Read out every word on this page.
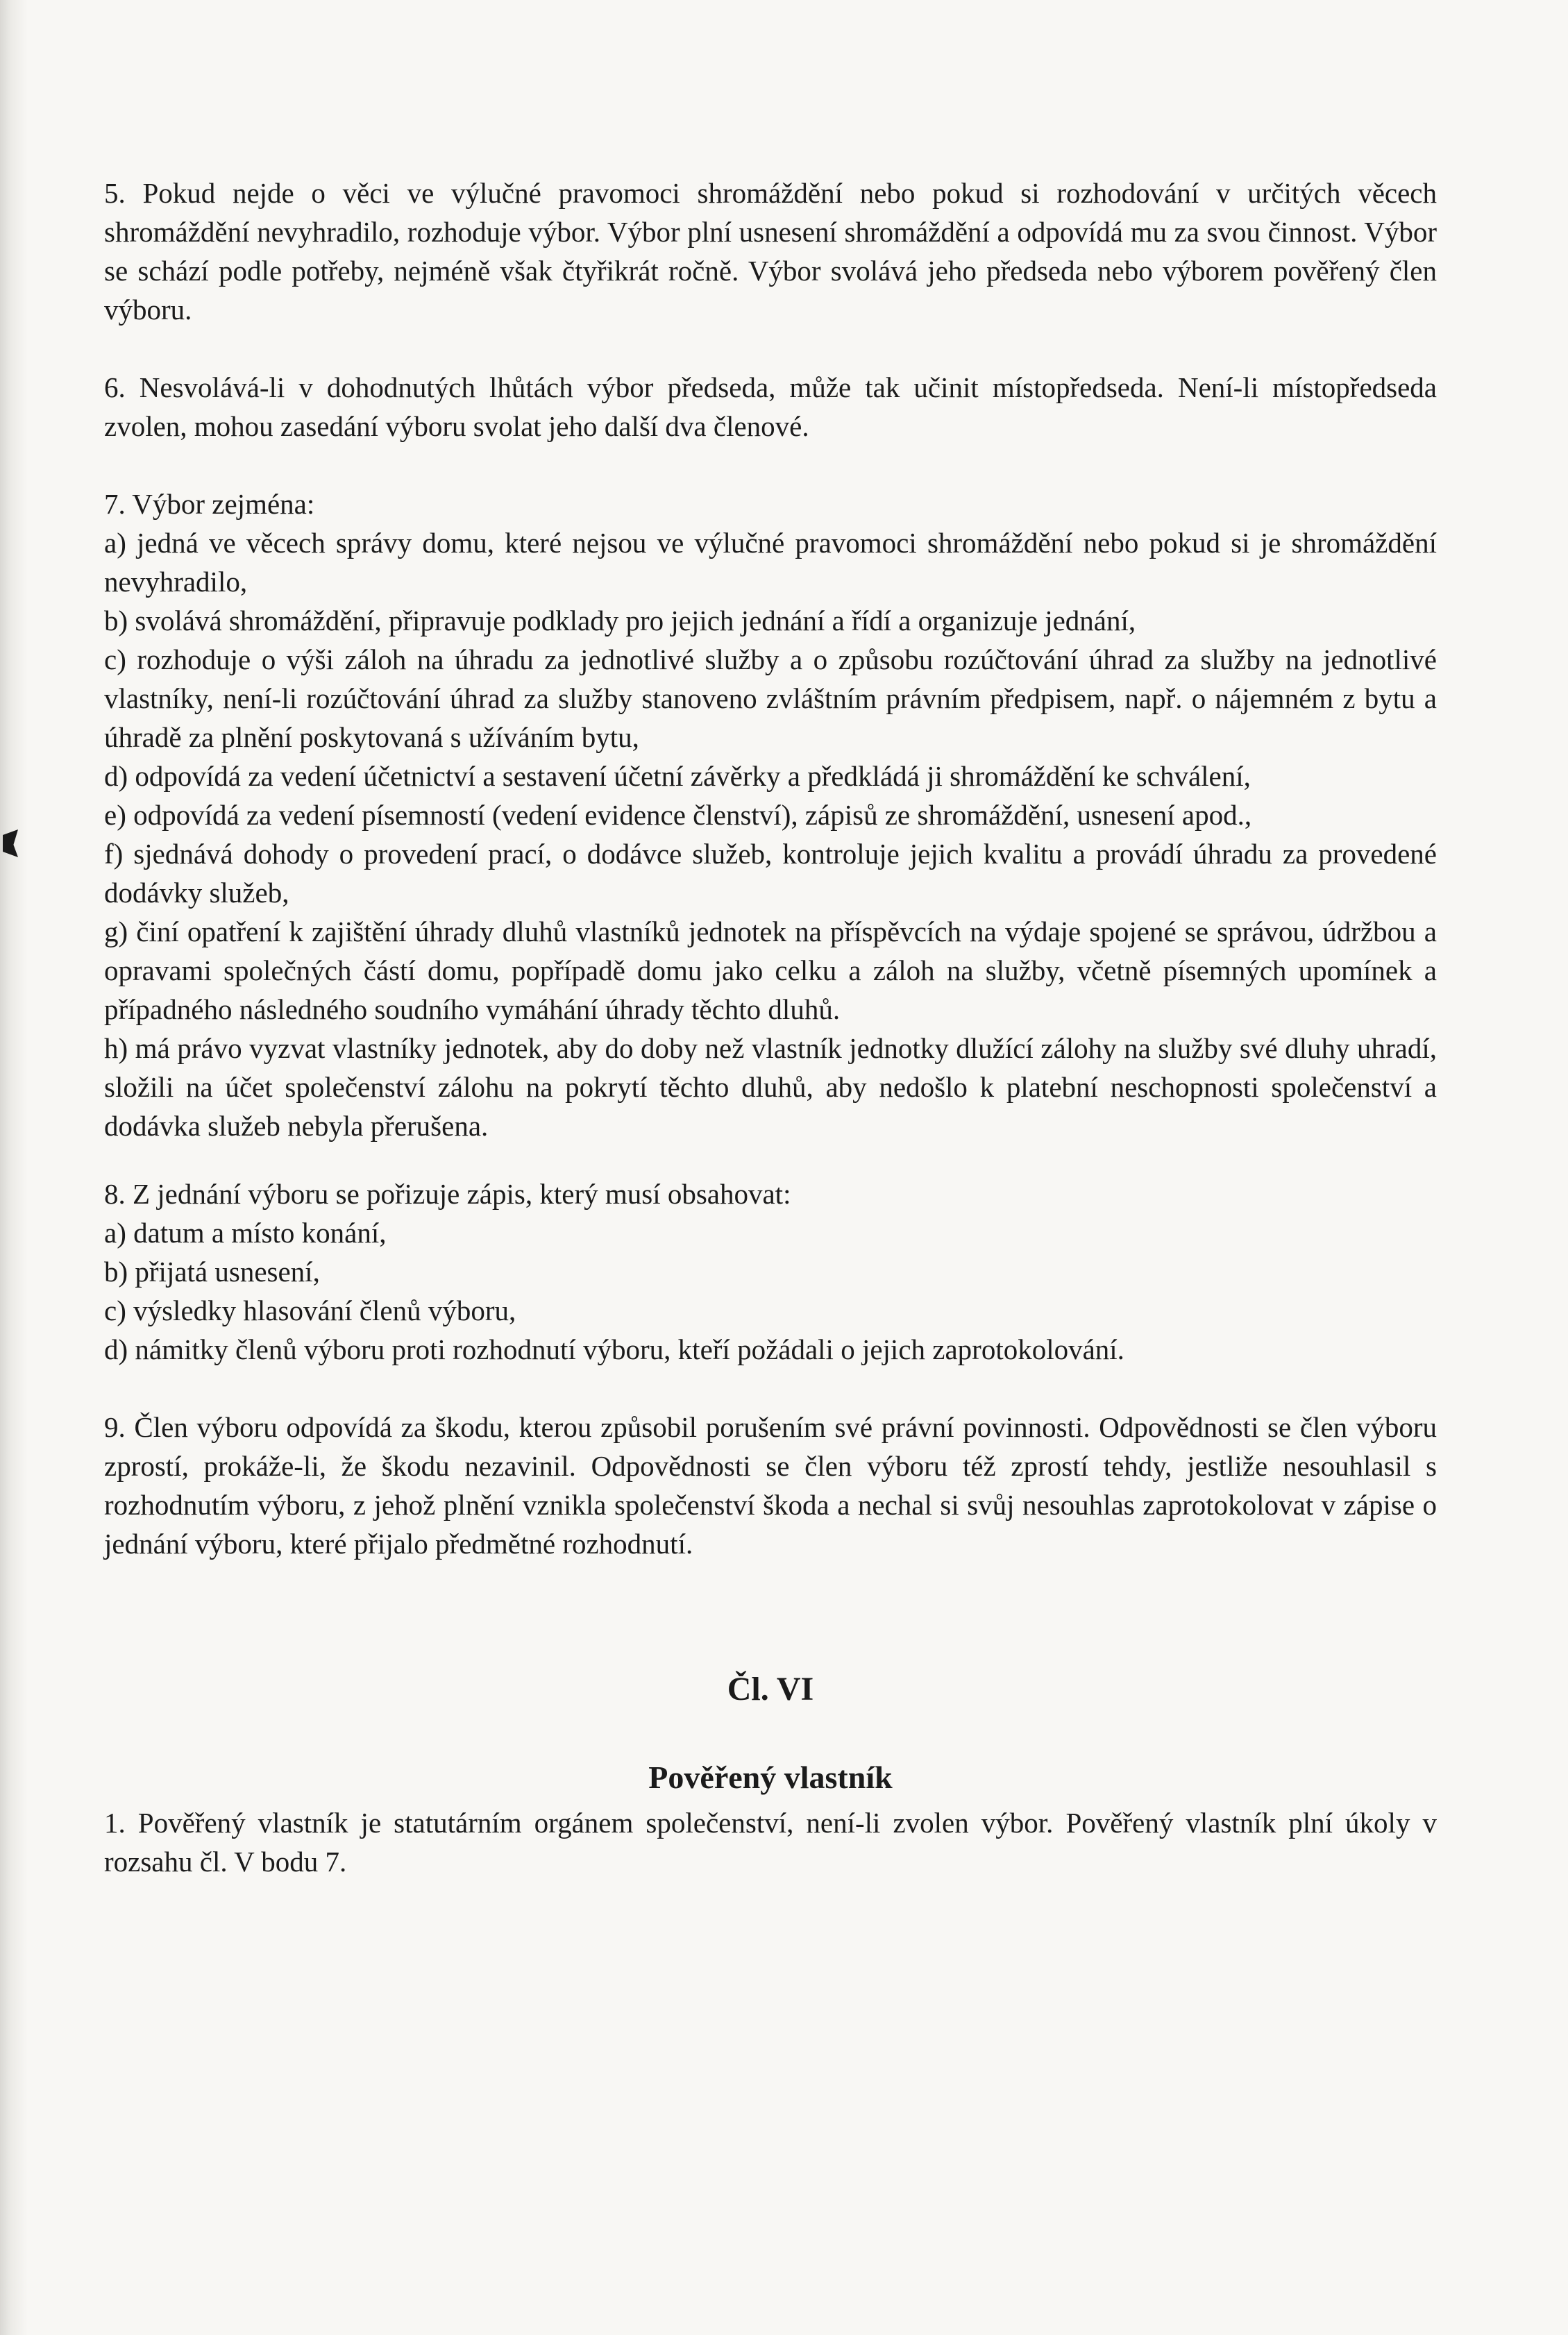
5. Pokud nejde o věci ve výlučné pravomoci shromáždění nebo pokud si rozhodování v určitých věcech shromáždění nevyhradilo, rozhoduje výbor. Výbor plní usnesení shromáždění a odpovídá mu za svou činnost. Výbor se schází podle potřeby, nejméně však čtyřikrát ročně. Výbor svolává jeho předseda nebo výborem pověřený člen výboru.

6. Nesvolává-li v dohodnutých lhůtách výbor předseda, může tak učinit místopředseda. Není-li místopředseda zvolen, mohou zasedání výboru svolat jeho další dva členové.

7. Výbor zejména:

a) jedná ve věcech správy domu, které nejsou ve výlučné pravomoci shromáždění nebo pokud si je shromáždění nevyhradilo,

b) svolává shromáždění, připravuje podklady pro jejich jednání a řídí a organizuje jednání,

c) rozhoduje o výši záloh na úhradu za jednotlivé služby a o způsobu rozúčtování úhrad za služby na jednotlivé vlastníky, není-li rozúčtování úhrad za služby stanoveno zvláštním právním předpisem, např. o nájemném z bytu a úhradě za plnění poskytovaná s užíváním bytu,

d) odpovídá za vedení účetnictví a sestavení účetní závěrky a předkládá ji shromáždění ke schválení,

e) odpovídá za vedení písemností (vedení evidence členství), zápisů ze shromáždění, usnesení apod.,

f) sjednává dohody o provedení prací, o dodávce služeb, kontroluje jejich kvalitu a provádí úhradu za provedené dodávky služeb,

g) činí opatření k zajištění úhrady dluhů vlastníků jednotek na příspěvcích na výdaje spojené se správou, údržbou a opravami společných částí domu, popřípadě domu jako celku a záloh na služby, včetně písemných upomínek a případného následného soudního vymáhání úhrady těchto dluhů.

h) má právo vyzvat vlastníky jednotek, aby do doby než vlastník jednotky dlužící zálohy na služby své dluhy uhradí, složili na účet společenství zálohu na pokrytí těchto dluhů, aby nedošlo k platební neschopnosti společenství a dodávka služeb nebyla přerušena.

8. Z jednání výboru se pořizuje zápis, který musí obsahovat:

a) datum a místo konání,

b) přijatá usnesení,

c) výsledky hlasování členů výboru,

d) námitky členů výboru proti rozhodnutí výboru, kteří požádali o jejich zaprotokolování.

9. Člen výboru odpovídá za škodu, kterou způsobil porušením své právní povinnosti. Odpovědnosti se člen výboru zprostí, prokáže-li, že škodu nezavinil. Odpovědnosti se člen výboru též zprostí tehdy, jestliže nesouhlasil s rozhodnutím výboru, z jehož plnění vznikla společenství škoda a nechal si svůj nesouhlas zaprotokolovat v zápise o jednání výboru, které přijalo předmětné rozhodnutí.

Čl. VI
Pověřený vlastník

1. Pověřený vlastník je statutárním orgánem společenství, není-li zvolen výbor. Pověřený vlastník plní úkoly v rozsahu čl. V bodu 7.
